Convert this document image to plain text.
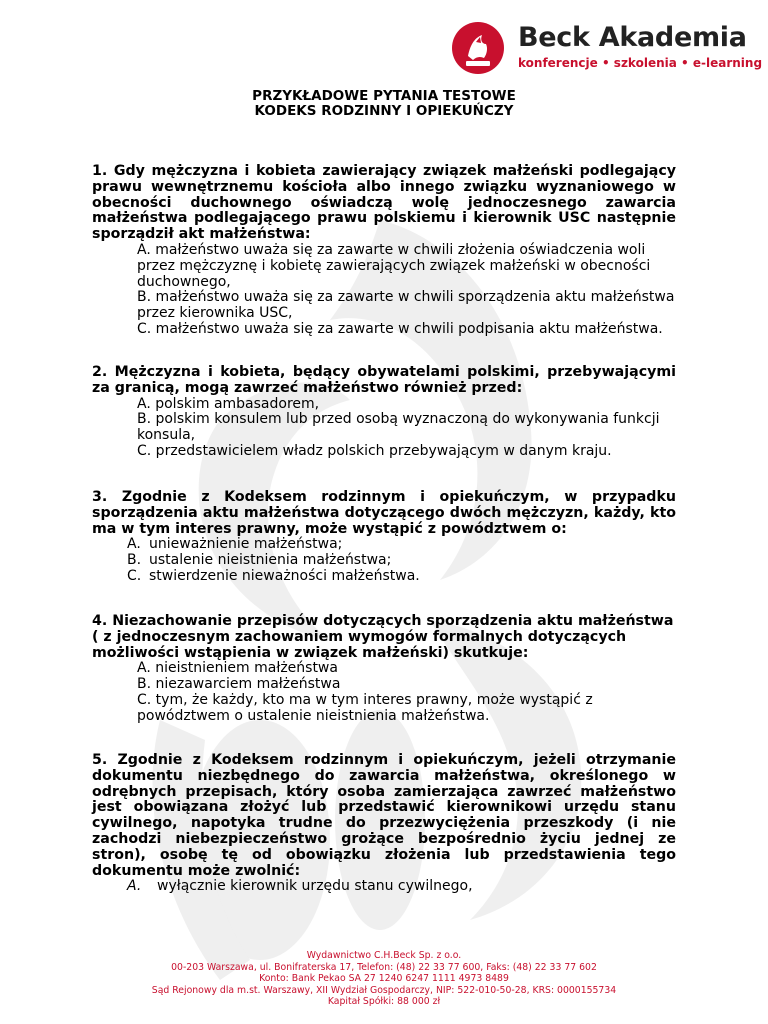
Beck Akademia
konferencje • szkolenia • e-learning
PRZYKŁADOWE PYTANIA TESTOWE
KODEKS RODZINNY I OPIEKUŃCZY

1. Gdy mężczyzna i kobieta zawierający związek małżeński podlegający prawu wewnętrznemu kościoła albo innego związku wyznaniowego w obecności duchownego oświadczą wolę jednoczesnego zawarcia małżeństwa podlegającego prawu polskiemu i kierownik USC następnie sporządził akt małżeństwa:

A. małżeństwo uważa się za zawarte w chwili złożenia oświadczenia woli przez mężczyznę i kobietę zawierających związek małżeński w obecności duchownego,

B. małżeństwo uważa się za zawarte w chwili sporządzenia aktu małżeństwa przez kierownika USC,

C. małżeństwo uważa się za zawarte w chwili podpisania aktu małżeństwa.

2. Mężczyzna i kobieta, będący obywatelami polskimi, przebywającymi za granicą, mogą zawrzeć małżeństwo również przed:

A. polskim ambasadorem,

B. polskim konsulem lub przed osobą wyznaczoną do wykonywania funkcji konsula,

C. przedstawicielem władz polskich przebywającym w danym kraju.

3. Zgodnie z Kodeksem rodzinnym i opiekuńczym, w przypadku sporządzenia aktu małżeństwa dotyczącego dwóch mężczyzn, każdy, kto ma w tym interes prawny, może wystąpić z powództwem o:

A. unieważnienie małżeństwa;

B. ustalenie nieistnienia małżeństwa;

C. stwierdzenie nieważności małżeństwa.

4. Niezachowanie przepisów dotyczących sporządzenia aktu małżeństwa ( z jednoczesnym zachowaniem wymogów formalnych dotyczących możliwości wstąpienia w związek małżeński) skutkuje:

A. nieistnieniem małżeństwa

B. niezawarciem małżeństwa

C. tym, że każdy, kto ma w tym interes prawny, może wystąpić z powództwem o ustalenie nieistnienia małżeństwa.

5. Zgodnie z Kodeksem rodzinnym i opiekuńczym, jeżeli otrzymanie dokumentu niezbędnego do zawarcia małżeństwa, określonego w odrębnych przepisach, który osoba zamierzająca zawrzeć małżeństwo jest obowiązana złożyć lub przedstawić kierownikowi urzędu stanu cywilnego, napotyka trudne do przezwyciężenia przeszkody (i nie zachodzi niebezpieczeństwo grożące bezpośrednio życiu jednej ze stron), osobę tę od obowiązku złożenia lub przedstawienia tego dokumentu może zwolnić:

A. wyłącznie kierownik urzędu stanu cywilnego,

Wydawnictwo C.H.Beck Sp. z o.o.
00-203 Warszawa, ul. Bonifraterska 17, Telefon: (48) 22 33 77 600, Faks: (48) 22 33 77 602
Konto: Bank Pekao SA 27 1240 6247 1111 4973 8489
Sąd Rejonowy dla m.st. Warszawy, XII Wydział Gospodarczy, NIP: 522-010-50-28, KRS: 0000155734
Kapitał Spółki: 88 000 zł
